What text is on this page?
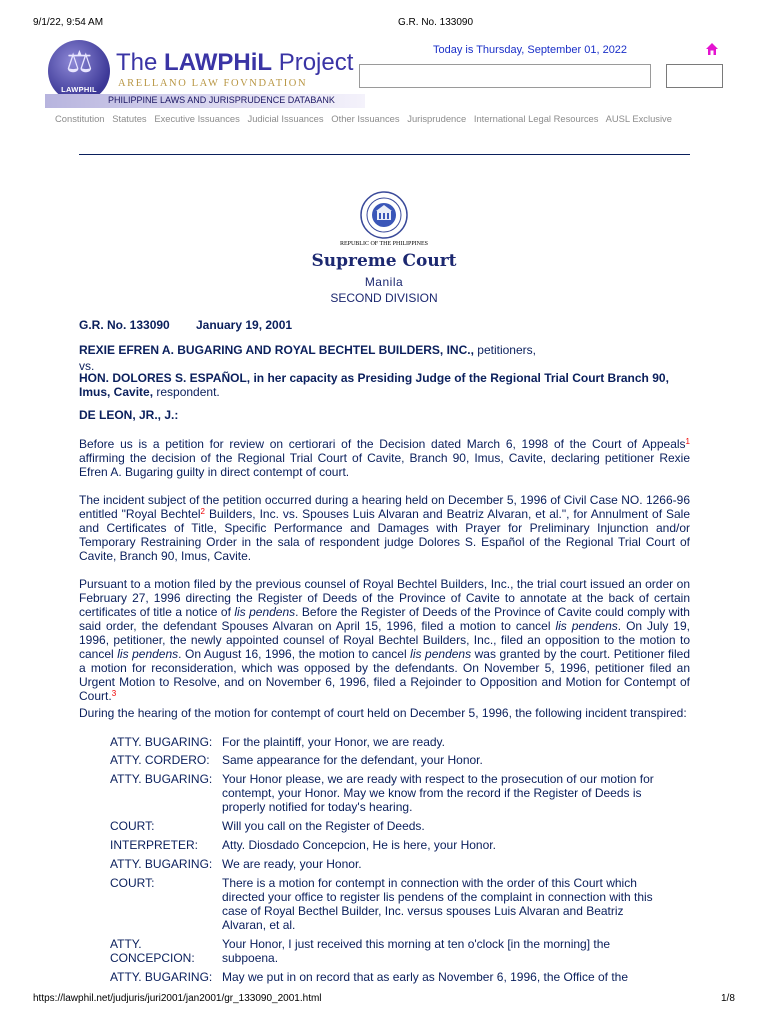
9/1/22, 9:54 AM	G.R. No. 133090
⚖
LAWPHIL
PHILIPPINE LAWS AND JURISPRUDENCE DATABANK
The LAWPHiL Project
ARELLANO LAW FOVNDATION
Today is Thursday, September 01, 2022
Constitution Statutes Executive Issuances Judicial Issuances Other Issuances Jurisprudence International Legal Resources AUSL Exclusive
REPUBLIC OF THE PHILIPPINES
Supreme Court
Manila
SECOND DIVISION
G.R. No. 133090 January 19, 2001
REXIE EFREN A. BUGARING AND ROYAL BECHTEL BUILDERS, INC., petitioners,
vs.
HON. DOLORES S. ESPAÑOL, in her capacity as Presiding Judge of the Regional Trial Court Branch 90, Imus, Cavite, respondent.
DE LEON, JR., J.:
Before us is a petition for review on certiorari of the Decision dated March 6, 1998 of the Court of Appeals$^1$ affirming the decision of the Regional Trial Court of Cavite, Branch 90, Imus, Cavite, declaring petitioner Rexie Efren A. Bugaring guilty in direct contempt of court.
The incident subject of the petition occurred during a hearing held on December 5, 1996 of Civil Case NO. 1266-96 entitled "Royal Bechtel$^2$ Builders, Inc. vs. Spouses Luis Alvaran and Beatriz Alvaran, et al.", for Annulment of Sale and Certificates of Title, Specific Performance and Damages with Prayer for Preliminary Injunction and/or Temporary Restraining Order in the sala of respondent judge Dolores S. Español of the Regional Trial Court of Cavite, Branch 90, Imus, Cavite.
Pursuant to a motion filed by the previous counsel of Royal Bechtel Builders, Inc., the trial court issued an order on February 27, 1996 directing the Register of Deeds of the Province of Cavite to annotate at the back of certain certificates of title a notice of lis pendens. Before the Register of Deeds of the Province of Cavite could comply with said order, the defendant Spouses Alvaran on April 15, 1996, filed a motion to cancel lis pendens. On July 19, 1996, petitioner, the newly appointed counsel of Royal Bechtel Builders, Inc., filed an opposition to the motion to cancel lis pendens. On August 16, 1996, the motion to cancel lis pendens was granted by the court. Petitioner filed a motion for reconsideration, which was opposed by the defendants. On November 5, 1996, petitioner filed an Urgent Motion to Resolve, and on November 6, 1996, filed a Rejoinder to Opposition and Motion for Contempt of Court.$^3$
During the hearing of the motion for contempt of court held on December 5, 1996, the following incident transpired:
ATTY. BUGARING: For the plaintiff, your Honor, we are ready.
ATTY. CORDERO:	Same appearance for the defendant, your Honor.
ATTY. BUGARING: Your Honor please, we are ready with respect to the prosecution of our motion for contempt, your Honor. May we know from the record if the Register of Deeds is properly notified for today's hearing.
COURT:	Will you call on the Register of Deeds.
INTERPRETER:	Atty. Diosdado Concepcion, He is here, your Honor.
ATTY. BUGARING: We are ready, your Honor.
COURT:	There is a motion for contempt in connection with the order of this Court which directed your office to register lis pendens of the complaint in connection with this case of Royal Becthel Builder, Inc. versus spouses Luis Alvaran and Beatriz Alvaran, et al.
ATTY. CONCEPCION:
Your Honor, I just received this morning at ten o'clock [in the morning] the subpoena.
ATTY. BUGARING: May we put in on record that as early as November 6, 1996, the Office of the
https://lawphil.net/judjuris/juri2001/jan2001/gr_133090_2001.html	1/8
